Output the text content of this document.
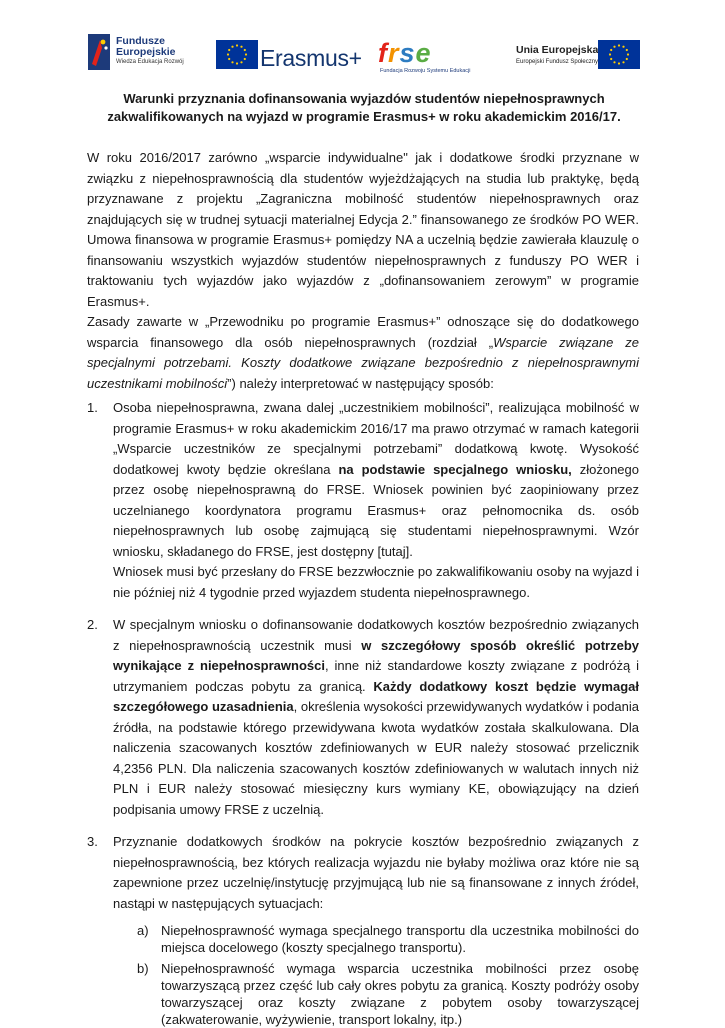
Fundusze
Europejskie
Wiedza Edukacja Rozwój	Erasmus+ frse
Fundacja Rozwoju Systemu Edukacji
Unia Europejska
Europejski Fundusz Społeczny
Warunki przyznania dofinansowania wyjazdów studentów niepełnosprawnych zakwalifikowanych na wyjazd w programie Erasmus+ w roku akademickim 2016/17.

W roku 2016/2017 zarówno „wsparcie indywidualne" jak i dodatkowe środki przyznane w związku z niepełnosprawnością dla studentów wyjeżdżających na studia lub praktykę, będą przyznawane z projektu „Zagraniczna mobilność studentów niepełnosprawnych oraz znajdujących się w trudnej sytuacji materialnej Edycja 2.” finansowanego ze środków PO WER. Umowa finansowa w programie Erasmus+ pomiędzy NA a uczelnią będzie zawierała klauzulę o finansowaniu wszystkich wyjazdów studentów niepełnosprawnych z funduszy PO WER i traktowaniu tych wyjazdów jako wyjazdów z „dofinansowaniem zerowym” w programie Erasmus+.

Zasady zawarte w „Przewodniku po programie Erasmus+” odnoszące się do dodatkowego wsparcia finansowego dla osób niepełnosprawnych (rozdział „Wsparcie związane ze specjalnymi potrzebami. Koszty dodatkowe związane bezpośrednio z niepełnosprawnymi uczestnikami mobilności”) należy interpretować w następujący sposób:

1. Osoba niepełnosprawna, zwana dalej „uczestnikiem mobilności”, realizująca mobilność w programie Erasmus+ w roku akademickim 2016/17 ma prawo otrzymać w ramach kategorii „Wsparcie uczestników ze specjalnymi potrzebami” dodatkową kwotę. Wysokość dodatkowej kwoty będzie określana na podstawie specjalnego wniosku, złożonego przez osobę niepełnosprawną do FRSE. Wniosek powinien być zaopiniowany przez uczelnianego koordynatora programu Erasmus+ oraz pełnomocnika ds. osób niepełnosprawnych lub osobę zajmującą się studentami niepełnosprawnymi. Wzór wniosku, składanego do FRSE, jest dostępny [tutaj].

Wniosek musi być przesłany do FRSE bezzwłocznie po zakwalifikowaniu osoby na wyjazd i nie później niż 4 tygodnie przed wyjazdem studenta niepełnosprawnego.

2. W specjalnym wniosku o dofinansowanie dodatkowych kosztów bezpośrednio związanych z niepełnosprawnością uczestnik musi w szczegółowy sposób określić potrzeby wynikające z niepełnosprawności, inne niż standardowe koszty związane z podróżą i utrzymaniem podczas pobytu za granicą. Każdy dodatkowy koszt będzie wymagał szczegółowego uzasadnienia, określenia wysokości przewidywanych wydatków i podania źródła, na podstawie którego przewidywana kwota wydatków została skalkulowana. Dla naliczenia szacowanych kosztów zdefiniowanych w EUR należy stosować przelicznik 4,2356 PLN. Dla naliczenia szacowanych kosztów zdefiniowanych w walutach innych niż PLN i EUR należy stosować miesięczny kurs wymiany KE, obowiązujący na dzień podpisania umowy FRSE z uczelnią.
3. Przyznanie dodatkowych środków na pokrycie kosztów bezpośrednio związanych z niepełnosprawnością, bez których realizacja wyjazdu nie byłaby możliwa oraz które nie są zapewnione przez uczelnię/instytucję przyjmującą lub nie są finansowane z innych źródeł, nastąpi w następujących sytuacjach:
a) Niepełnosprawność wymaga specjalnego transportu dla uczestnika mobilności do miejsca docelowego (koszty specjalnego transportu).
b) Niepełnosprawność wymaga wsparcia uczestnika mobilności przez osobę towarzyszącą przez część lub cały okres pobytu za granicą. Koszty podróży osoby towarzyszącej oraz koszty związane z pobytem osoby towarzyszącej (zakwaterowanie, wyżywienie, transport lokalny, itp.)
